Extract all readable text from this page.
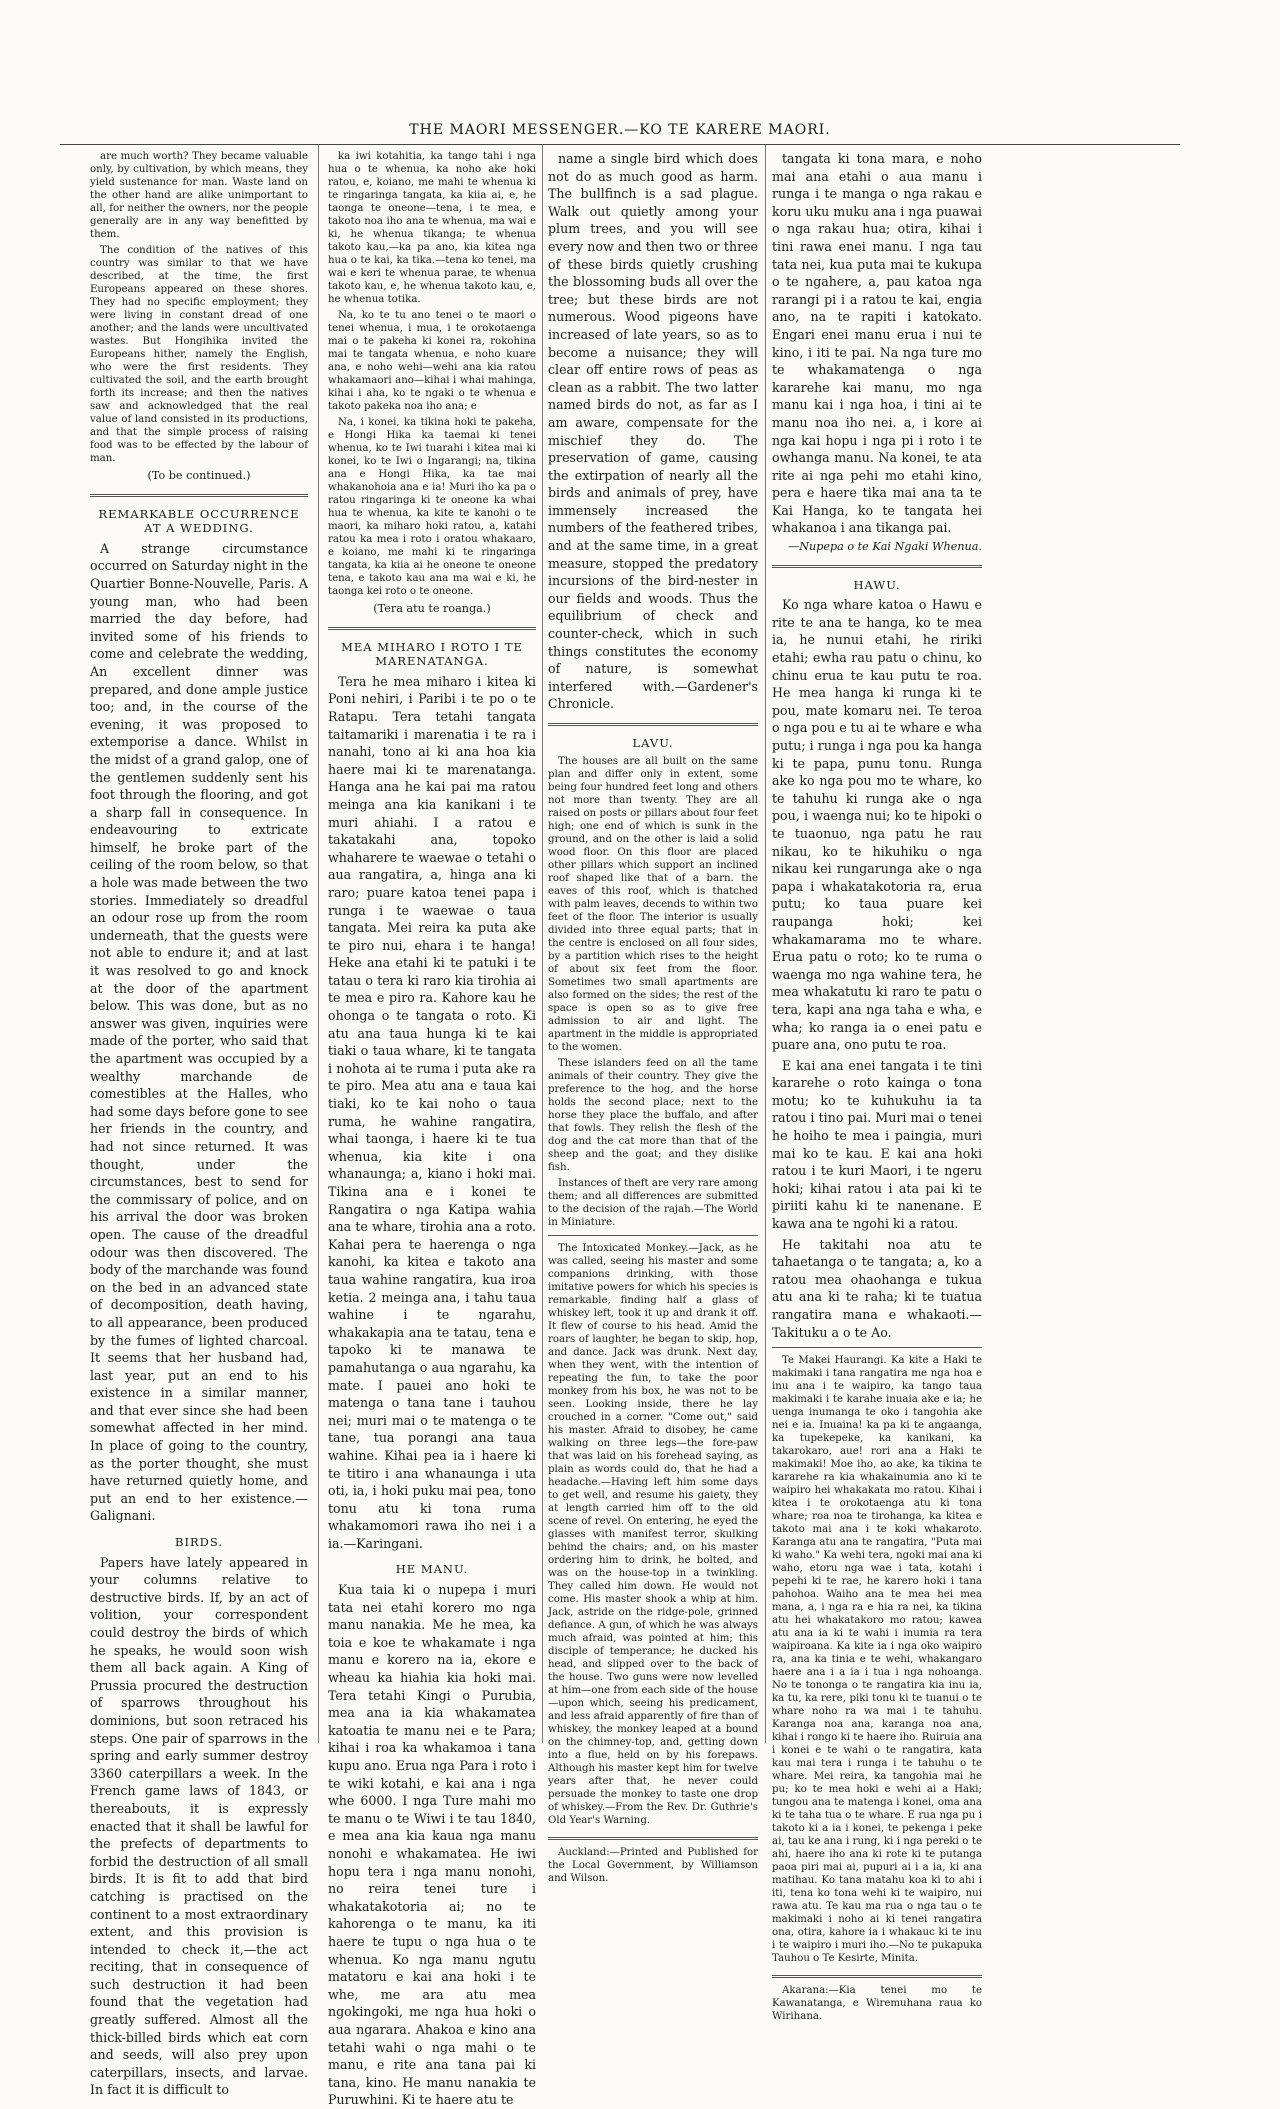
THE MAORI MESSENGER.—KO TE KARERE MAORI.

are much worth? They became valuable only, by cultivation, by which means, they yield sustenance for man. Waste land on the other hand are alike unimportant to all, for neither the owners, nor the people generally are in any way benefitted by them.

The condition of the natives of this country was similar to that we have described, at the time, the first Europeans appeared on these shores. They had no specific employment; they were living in constant dread of one another; and the lands were uncultivated wastes. But Hongihika invited the Europeans hither, namely the English, who were the first residents. They cultivated the soil, and the earth brought forth its increase; and then the natives saw and acknowledged that the real value of land consisted in its productions, and that the simple process of raising food was to be effected by the labour of man.

(To be continued.)

REMARKABLE OCCURRENCE AT A WEDDING.

A strange circumstance occurred on Saturday night in the Quartier Bonne-Nouvelle, Paris. A young man, who had been married the day before, had invited some of his friends to come and celebrate the wedding, An excellent dinner was prepared, and done ample justice too; and, in the course of the evening, it was proposed to extemporise a dance. Whilst in the midst of a grand galop, one of the gentlemen suddenly sent his foot through the flooring, and got a sharp fall in consequence. In endeavouring to extricate himself, he broke part of the ceiling of the room below, so that a hole was made between the two stories. Immediately so dreadful an odour rose up from the room underneath, that the guests were not able to endure it; and at last it was resolved to go and knock at the door of the apartment below. This was done, but as no answer was given, inquiries were made of the porter, who said that the apartment was occupied by a wealthy marchande de comestibles at the Halles, who had some days before gone to see her friends in the country, and had not since returned. It was thought, under the circumstances, best to send for the commissary of police, and on his arrival the door was broken open. The cause of the dreadful odour was then discovered. The body of the marchande was found on the bed in an advanced state of decomposition, death having, to all appearance, been produced by the fumes of lighted charcoal. It seems that her husband had, last year, put an end to his existence in a similar manner, and that ever since she had been somewhat affected in her mind. In place of going to the country, as the porter thought, she must have returned quietly home, and put an end to her existence.—Galignani.

BIRDS.

Papers have lately appeared in your columns relative to destructive birds. If, by an act of volition, your correspondent could destroy the birds of which he speaks, he would soon wish them all back again. A King of Prussia procured the destruction of sparrows throughout his dominions, but soon retraced his steps. One pair of sparrows in the spring and early summer destroy 3360 caterpillars a week. In the French game laws of 1843, or thereabouts, it is expressly enacted that it shall be lawful for the prefects of departments to forbid the destruction of all small birds. It is fit to add that bird catching is practised on the continent to a most extraordinary extent, and this provision is intended to check it,—the act reciting, that in consequence of such destruction it had been found that the vegetation had greatly suffered. Almost all the thick-billed birds which eat corn and seeds, will also prey upon caterpillars, insects, and larvae. In fact it is difficult to

ka iwi kotahitia, ka tango tahi i nga hua o te whenua, ka noho ake hoki ratou, e, koiano, me mahi te whenua ki te ringaringa tangata, ka kiia ai, e, he taonga te oneone—tena, i te mea, e takoto noa iho ana te whenua, ma wai e ki, he whenua tikanga; te whenua takoto kau,—ka pa ano, kia kitea nga hua o te kai, ka tika.—tena ko tenei, ma wai e keri te whenua parae, te whenua takoto kau, e, he whenua takoto kau, e, he whenua totika.

Na, ko te tu ano tenei o te maori o tenei whenua, i mua, i te orokotaenga mai o te pakeha ki konei ra, rokohina mai te tangata whenua, e noho kuare ana, e noho wehi—wehi ana kia ratou whakamaori ano—kihai i whai mahinga, kihai i aha, ko te ngaki o te whenua e takoto pakeka noa iho ana; e

Na, i konei, ka tikina hoki te pakeha, e Hongi Hika ka taemai ki tenei whenua, ko te Iwi tuarahi i kitea mai ki konei, ko te Iwi o Ingarangi; na, tikina ana e Hongi Hika, ka tae mai whakanohoia ana e ia! Muri iho ka pa o ratou ringaringa ki te oneone ka whai hua te whenua, ka kite te kanohi o te maori, ka miharo hoki ratou, a, katahi ratou ka mea i roto i oratou whakaaro, e koiano, me mahi ki te ringaringa tangata, ka kiia ai he oneone te oneone tena, e takoto kau ana ma wai e ki, he taonga kei roto o te oneone.

(Tera atu te roanga.)

MEA MIHARO I ROTO I TE MARENATANGA.

Tera he mea miharo i kitea ki Poni nehiri, i Paribi i te po o te Ratapu. Tera tetahi tangata taitamariki i marenatia i te ra i nanahi, tono ai ki ana hoa kia haere mai ki te marenatanga. Hanga ana he kai pai ma ratou meinga ana kia kanikani i te muri ahiahi. I a ratou e takatakahi ana, topoko whaharere te waewae o tetahi o aua rangatira, a, hinga ana ki raro; puare katoa tenei papa i runga i te waewae o taua tangata. Mei reira ka puta ake te piro nui, ehara i te hanga! Heke ana etahi ki te patuki i te tatau o tera ki raro kia tirohia ai te mea e piro ra. Kahore kau he ohonga o te tangata o roto. Ki atu ana taua hunga ki te kai tiaki o taua whare, ki te tangata i nohota ai te ruma i puta ake ra te piro. Mea atu ana e taua kai tiaki, ko te kai noho o taua ruma, he wahine rangatira, whai taonga, i haere ki te tua whenua, kia kite i ona whanaunga; a, kiano i hoki mai. Tikina ana e i konei te Rangatira o nga Katipa wahia ana te whare, tirohia ana a roto. Kahai pera te haerenga o nga kanohi, ka kitea e takoto ana taua wahine rangatira, kua iroa ketia. 2 meinga ana, i tahu taua wahine i te ngarahu, whakakapia ana te tatau, tena e tapoko ki te manawa te pamahutanga o aua ngarahu, ka mate. I pauei ano hoki te matenga o tana tane i tauhou nei; muri mai o te matenga o te tane, tua porangi ana taua wahine. Kihai pea ia i haere ki te titiro i ana whanaunga i uta oti, ia, i hoki puku mai pea, tono tonu atu ki tona ruma whakamomori rawa iho nei i a ia.—Karingani.

HE MANU.

Kua taia ki o nupepa i muri tata nei etahi korero mo nga manu nanakia. Me he mea, ka toia e koe te whakamate i nga manu e korero na ia, ekore e wheau ka hiahia kia hoki mai. Tera tetahi Kingi o Purubia, mea ana ia kia whakamatea katoatia te manu nei e te Para; kihai i roa ka whakamoa i tana kupu ano. Erua nga Para i roto i te wiki kotahi, e kai ana i nga whe 6000. I nga Ture mahi mo te manu o te Wiwi i te tau 1840, e mea ana kia kaua nga manu nonohi e whakamatea. He iwi hopu tera i nga manu nonohi, no reira tenei ture i whakatakotoria ai; no te kahorenga o te manu, ka iti haere te tupu o nga hua o te whenua. Ko nga manu ngutu matatoru e kai ana hoki i te whe, me ara atu mea ngokingoki, me nga hua hoki o aua ngarara. Ahakoa e kino ana tetahi wahi o nga mahi o te manu, e rite ana tana pai ki tana, kino. He manu nanakia te Puruwhini. Ki te haere atu te

name a single bird which does not do as much good as harm. The bullfinch is a sad plague. Walk out quietly among your plum trees, and you will see every now and then two or three of these birds quietly crushing the blossoming buds all over the tree; but these birds are not numerous. Wood pigeons have increased of late years, so as to become a nuisance; they will clear off entire rows of peas as clean as a rabbit. The two latter named birds do not, as far as I am aware, compensate for the mischief they do. The preservation of game, causing the extirpation of nearly all the birds and animals of prey, have immensely increased the numbers of the feathered tribes, and at the same time, in a great measure, stopped the predatory incursions of the bird-nester in our fields and woods. Thus the equilibrium of check and counter-check, which in such things constitutes the economy of nature, is somewhat interfered with.—Gardener's Chronicle.

LAVU.

The houses are all built on the same plan and differ only in extent, some being four hundred feet long and others not more than twenty. They are all raised on posts or pillars about four feet high; one end of which is sunk in the ground, and on the other is laid a solid wood floor. On this floor are placed other pillars which support an inclined roof shaped like that of a barn. the eaves of this roof, which is thatched with palm leaves, decends to within two feet of the floor. The interior is usually divided into three equal parts; that in the centre is enclosed on all four sides, by a partition which rises to the height of about six feet from the floor. Sometimes two small apartments are also formed on the sides; the rest of the space is open so as to give free admission to air and light. The apartment in the middle is appropriated to the women.

These islanders feed on all the tame animals of their country. They give the preference to the hog, and the horse holds the second place; next to the horse they place the buffalo, and after that fowls. They relish the flesh of the dog and the cat more than that of the sheep and the goat; and they dislike fish.

Instances of theft are very rare among them; and all differences are submitted to the decision of the rajah.—The World in Miniature.

The Intoxicated Monkey.—Jack, as he was called, seeing his master and some companions drinking, with those imitative powers for which his species is remarkable, finding half a glass of whiskey left, took it up and drank it off. It flew of course to his head. Amid the roars of laughter, he began to skip, hop, and dance. Jack was drunk. Next day, when they went, with the intention of repeating the fun, to take the poor monkey from his box, he was not to be seen. Looking inside, there he lay crouched in a corner. "Come out," said his master. Afraid to disobey, he came walking on three legs—the fore-paw that was laid on his forehead saying, as plain as words could do, that he had a headache.—Having left him some days to get well, and resume his gaiety, they at length carried him off to the old scene of revel. On entering, he eyed the glasses with manifest terror, skulking behind the chairs; and, on his master ordering him to drink, he bolted, and was on the house-top in a twinkling. They called him down. He would not come. His master shook a whip at him. Jack, astride on the ridge-pole, grinned defiance. A gun, of which he was always much afraid, was pointed at him; this disciple of temperance; he ducked his head, and slipped over to the back of the house. Two guns were now levelled at him—one from each side of the house—upon which, seeing his predicament, and less afraid apparently of fire than of whiskey, the monkey leaped at a bound on the chimney-top, and, getting down into a flue, held on by his forepaws. Although his master kept him for twelve years after that, he never could persuade the monkey to taste one drop of whiskey.—From the Rev. Dr. Guthrie's Old Year's Warning.

Auckland:—Printed and Published for the Local Government, by Williamson and Wilson.

tangata ki tona mara, e noho mai ana etahi o aua manu i runga i te manga o nga rakau e koru uku muku ana i nga puawai o nga rakau hua; otira, kihai i tini rawa enei manu. I nga tau tata nei, kua puta mai te kukupa o te ngahere, a, pau katoa nga rarangi pi i a ratou te kai, engia ano, na te rapiti i katokato. Engari enei manu erua i nui te kino, i iti te pai. Na nga ture mo te whakamatenga o nga kararehe kai manu, mo nga manu kai i nga hoa, i tini ai te manu noa iho nei. a, i kore ai nga kai hopu i nga pi i roto i te owhanga manu. Na konei, te ata rite ai nga pehi mo etahi kino, pera e haere tika mai ana ta te Kai Hanga, ko te tangata hei whakanoa i ana tikanga pai.

—Nupepa o te Kai Ngaki Whenua.

HAWU.

Ko nga whare katoa o Hawu e rite te ana te hanga, ko te mea ia, he nunui etahi, he ririki etahi; ewha rau patu o chinu, ko chinu erua te kau putu te roa. He mea hanga ki runga ki te pou, mate komaru nei. Te teroa o nga pou e tu ai te whare e wha putu; i runga i nga pou ka hanga ki te papa, punu tonu. Runga ake ko nga pou mo te whare, ko te tahuhu ki runga ake o nga pou, i waenga nui; ko te hipoki o te tuaonuo, nga patu he rau nikau, ko te hikuhiku o nga nikau kei rungarunga ake o nga papa i whakatakotoria ra, erua putu; ko taua puare kei raupanga hoki; kei whakamarama mo te whare. Erua patu o roto; ko te ruma o waenga mo nga wahine tera, he mea whakatutu ki raro te patu o tera, kapi ana nga taha e wha, e wha; ko ranga ia o enei patu e puare ana, ono putu te roa.

E kai ana enei tangata i te tini kararehe o roto kainga o tona motu; ko te kuhukuhu ia ta ratou i tino pai. Muri mai o tenei he hoiho te mea i paingia, muri mai ko te kau. E kai ana hoki ratou i te kuri Maori, i te ngeru hoki; kihai ratou i ata pai ki te piriiti kahu ki te nanenane. E kawa ana te ngohi ki a ratou.

He takitahi noa atu te tahaetanga o te tangata; a, ko a ratou mea ohaohanga e tukua atu ana ki te raha; ki te tuatua rangatira mana e whakaoti.—Takituku a o te Ao.

Te Makei Haurangi. Ka kite a Haki te makimaki i tana rangatira me nga hoa e inu ana i te waipiro, ka tango taua makimaki i te karahe inuaia ake e ia; he uenga inumanga te oko i tangohia ake nei e ia. Inuaina! ka pa ki te angaanga, ka tupekepeke, ka kanikani, ka takarokaro, aue! rori ana a Haki te makimaki! Moe iho, ao ake, ka tikina te kararehe ra kia whakainumia ano ki te waipiro hei whakakata mo ratou. Kihai i kitea i te orokotaenga atu ki tona whare; roa noa te tirohanga, ka kitea e takoto mai ana i te koki whakaroto. Karanga atu ana te rangatira, "Puta mai ki waho." Ka wehi tera, ngoki mai ana ki waho, etoru nga wae i tata, kotahi i pepehi ki te rae, he karero hoki i tana pahohoa. Waiho ana te mea hei mea mana, a, i nga ra e hia ra nei, ka tikina atu hei whakatakoro mo ratou; kawea atu ana ia ki te wahi i inumia ra tera waipiroana. Ka kite ia i nga oko waipiro ra, ana ka tinia e te wehi, whakangaro haere ana i a ia i tua i nga nohoanga. No te tononga o te rangatira kia inu ia, ka tu, ka rere, piki tonu ki te tuanui o te whare noho ra wa mai i te tahuhu. Karanga noa ana, karanga noa ana, kihai i rongo ki te haere iho. Ruiruia ana i konei e te wahi o te rangatira, kata kau mai tera i runga i te tahuhu o te whare. Mei reira, ka tangohia mai he pu; ko te mea hoki e wehi ai a Haki; tungou ana te matenga i konei, oma ana ki te taha tua o te whare. E rua nga pu i takoto ki a ia i konei, te pekenga i peke ai, tau ke ana i rung, ki i nga pereki o te ahi, haere iho ana ki rote ki te putanga paoa piri mai ai, pupuri ai i a ia, ki ana matihau. Ko tana matahu koa ki to ahi i iti, tena ko tona wehi ki te waipiro, nui rawa atu. Te kau ma rua o nga tau o te makimaki i noho ai ki tenei rangatira ona, otira, kahore ia i whakauc ki te inu i te waipiro i muri iho.—No te pukapuka Tauhou o Te Kesirte, Minita.

Akarana:—Kia tenei mo te Kawanatanga, e Wiremuhana raua ko Wirihana.
